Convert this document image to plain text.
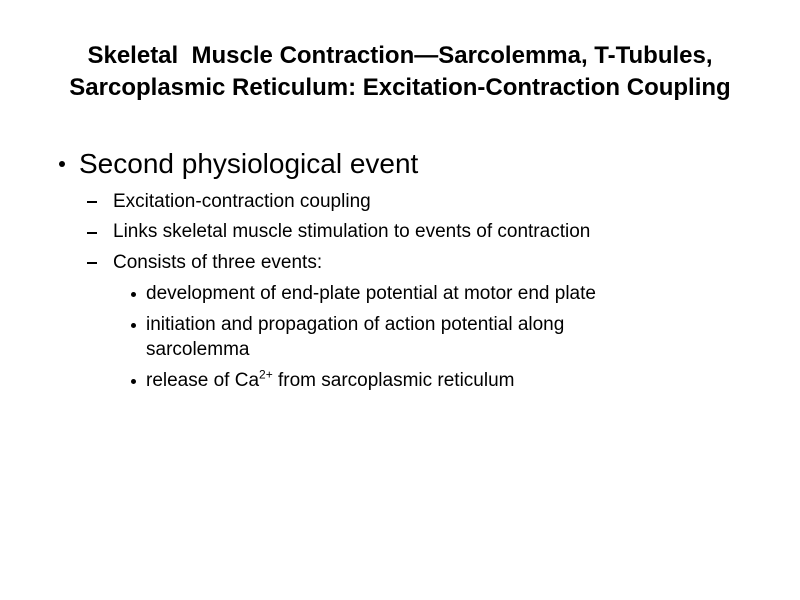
Skeletal  Muscle Contraction—Sarcolemma, T-Tubules,
Sarcoplasmic Reticulum: Excitation-Contraction Coupling
Second physiological event
Excitation-contraction coupling
Links skeletal muscle stimulation to events of contraction
Consists of three events:
development of end-plate potential at motor end plate
initiation and propagation of action potential along
sarcolemma
release of $Ca^{2+}$ from sarcoplasmic reticulum
